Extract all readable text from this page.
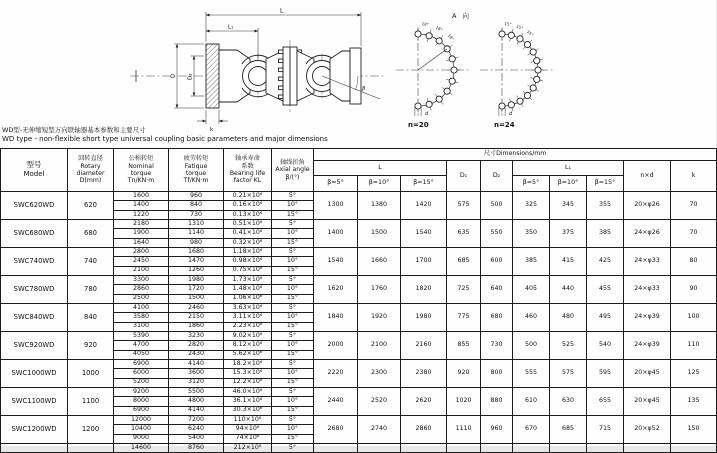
β
L
L₁
D D₂
k
A 向
18°
18°
18°
d
15° 15°
15°
d
n=20	n=24
WD型-无伸缩短型万向联轴器基本参数和主要尺寸
WD type - non-flexible short type universal coupling basic parameters and major dimensions
型号
Model

回转直径
Rotary
diameter
D(mm)

公称转矩
Nominal
torque
Tn/KN·m

疲劳转矩
Fatique
torque
Tf/KN·m

轴承寿命
系数
Bearing life
factor KL

轴线折角
Axial angle
β/(°)
	尺寸Dimensions/mm
						L			D₁	D₂	L₁			n×d	k
						β=5°	β=10°	β=15°			β=5°	β=10°	β=15°		
SWC620WD	620	1600	960	0.21×10⁶	5°	1300	1380	1420	575	500	325	345	355	20×φ26	70
		1400	840	0.16×10⁶	10°										
		1220	730	0.13×10⁶	15°										
SWC680WD	680	2180	1310	0.51×10⁶	5°	1400	1500	1540	635	550	350	375	385	24×φ26	70
		1900	1140	0.41×10⁶	10°										
		1640	980	0.32×10⁶	15°										
SWC740WD	740	2800	1680	1.18×10⁶	5°	1540	1660	1700	685	600	385	415	425	24×φ33	80
		2450	1470	0.98×10⁶	10°										
		2100	1260	0.75×10⁶	15°										
SWC780WD	780	3300	1980	1.73×10⁶	5°	1620	1760	1820	725	640	405	440	455	24×φ33	90
		2860	1720	1.48×10⁶	10°										
		2500	1500	1.06×10⁶	15°										
SWC840WD	840	4100	2460	3.63×10⁶	5°	1840	1920	1980	775	680	460	480	495	24×φ39	100
		3580	2150	3.11×10⁶	10°										
		3100	1860	2.23×10⁶	15°										
SWC920WD	920	5390	3230	9.02×10⁶	5°	2000	2100	2160	855	730	500	525	540	24×φ39	110
		4700	2820	8.12×10⁶	10°										
		4050	2430	5.62×10⁶	15°										
SWC1000WD	1000	6900	4140	18.2×10⁶	5°	2220	2300	2380	920	800	555	575	595	20×φ45	125
		6000	3600	15.3×10⁶	10°										
		5200	3120	12.2×10⁶	15°										
SWC1100WD	1100	9200	5500	46.0×10⁶	5°	2440	2520	2620	1020	880	610	630	655	20×φ45	135
		8000	4800	36.1×10⁶	10°										
		6900	4140	30.3×10⁶	15°										
SWC1200WD	1200	12000	7200	110×10⁶	5°	2680	2740	2860	1110	960	670	685	715	20×φ52	150
		10400	6240	94×10⁶	10°										
		9000	5400	74×10⁶	15°										
		14600	8760	212×10⁶	5°										
